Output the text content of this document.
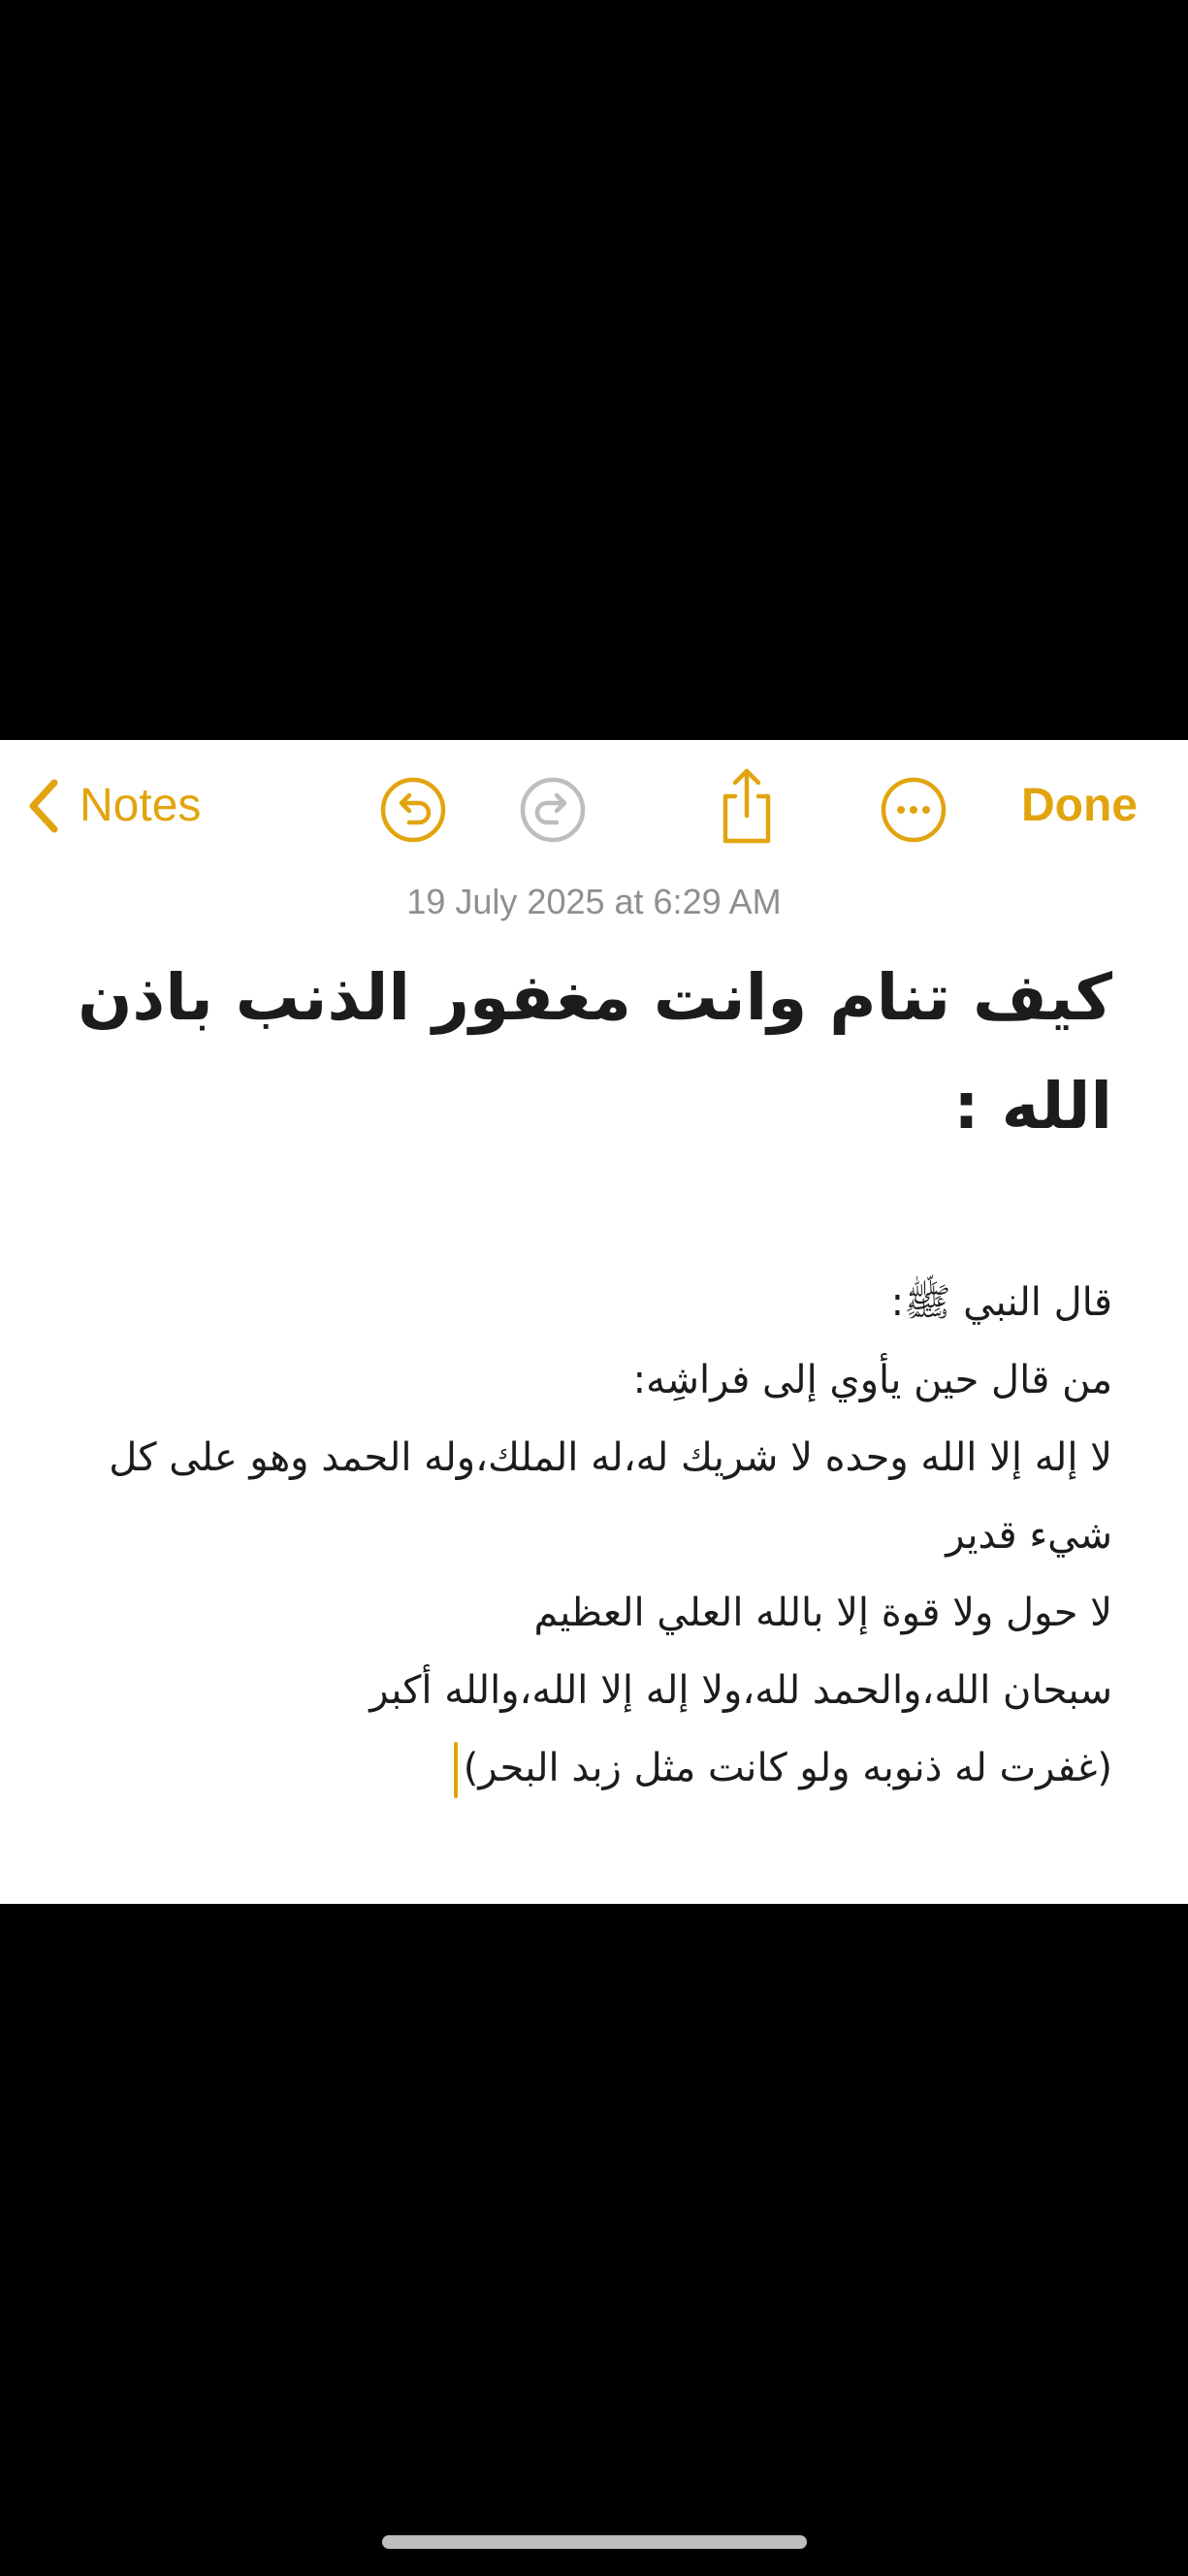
Notes	Done
19 July 2025 at 6:29 AM
كيف تنام وانت مغفور الذنب باذن الله :
قال النبي ﷺ:
من قال حين يأوي إلى فراشِه:
لا إله إلا الله وحده لا شريك له،له الملك،وله الحمد وهو على كل شيء قدير
لا حول ولا قوة إلا بالله العلي العظيم
سبحان الله،والحمد لله،ولا إله إلا الله،والله أكبر
(غفرت له ذنوبه ولو كانت مثل زبد البحر)
